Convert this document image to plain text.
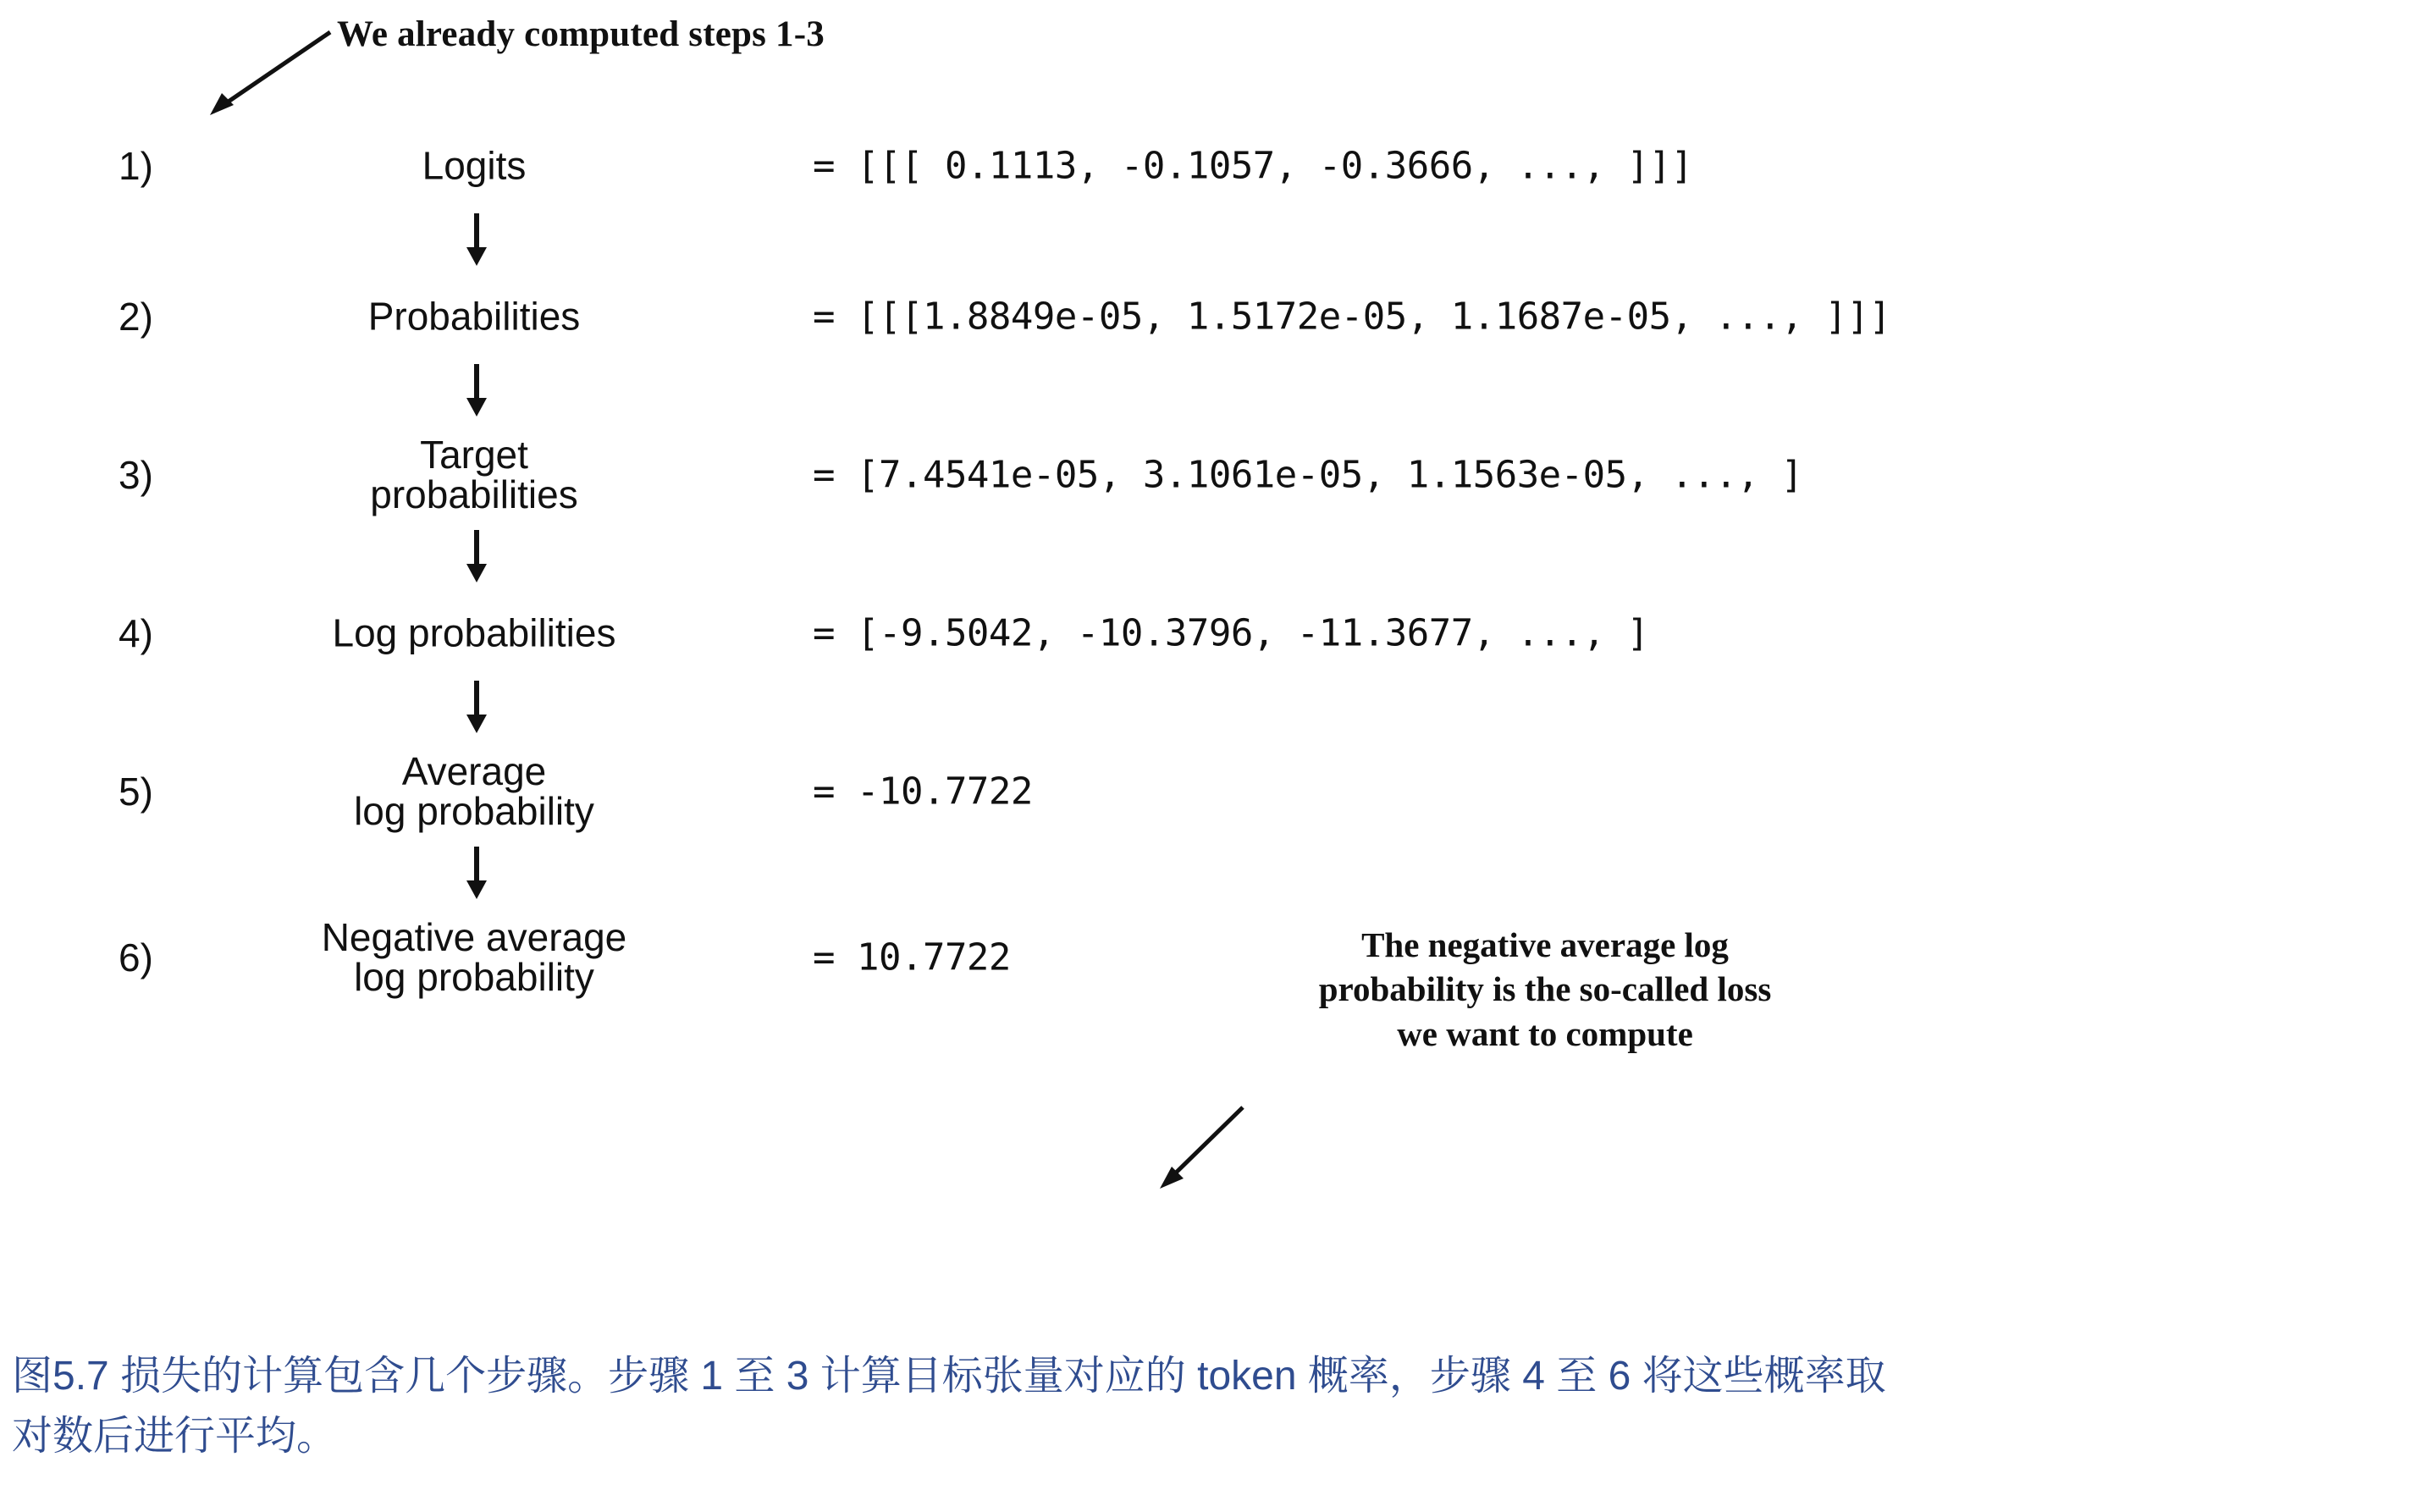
We already computed steps 1-3
1)	Logits	= [[[ 0.1113, -0.1057, -0.3666, ..., ]]]
2)	Probabilities	= [[[1.8849e-05, 1.5172e-05, 1.1687e-05, ..., ]]]
3)	Target
probabilities	= [7.4541e-05, 3.1061e-05, 1.1563e-05, ..., ]
4)	Log probabilities	= [-9.5042, -10.3796, -11.3677, ..., ]
5)	Average
log probability	= -10.7722
6)	Negative average
log probability	= 10.7722	The negative average log
probability is the so-called loss
we want to compute
图5.7 损失的计算包含几个步骤。步骤 1 至 3 计算目标张量对应的 token 概率，步骤 4 至 6 将这些概率取
对数后进行平均。
